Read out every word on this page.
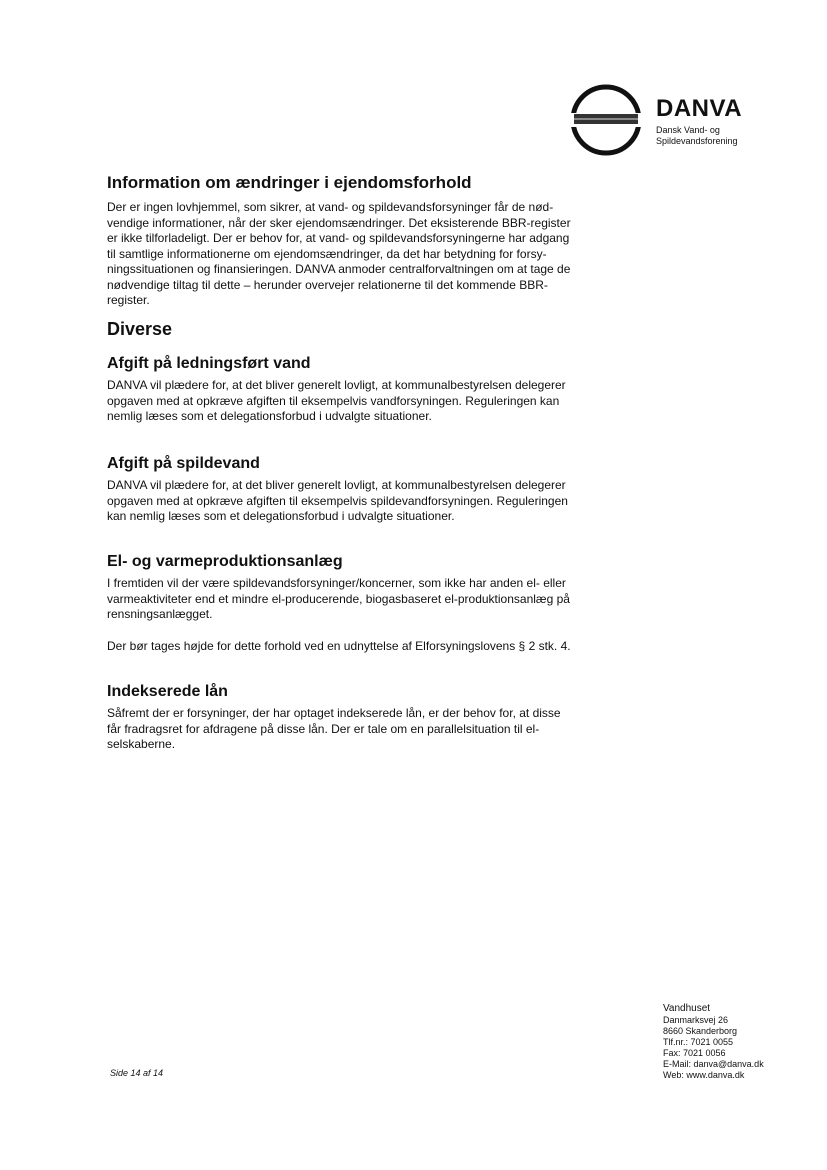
DANVA
Dansk Vand- og
Spildevandsforening
Information om ændringer i ejendomsforhold

Der er ingen lovhjemmel, som sikrer, at vand- og spildevandsforsyninger får de nød-

vendige informationer, når der sker ejendomsændringer. Det eksisterende BBR-register

er ikke tilforladeligt. Der er behov for, at vand- og spildevandsforsyningerne har adgang

til samtlige informationerne om ejendomsændringer, da det har betydning for forsy-

ningssituationen og finansieringen. DANVA anmoder centralforvaltningen om at tage de

nødvendige tiltag til dette – herunder overvejer relationerne til det kommende BBR-

register.

Diverse
Afgift på ledningsført vand

DANVA vil plædere for, at det bliver generelt lovligt, at kommunalbestyrelsen delegerer

opgaven med at opkræve afgiften til eksempelvis vandforsyningen. Reguleringen kan

nemlig læses som et delegationsforbud i udvalgte situationer.

Afgift på spildevand

DANVA vil plædere for, at det bliver generelt lovligt, at kommunalbestyrelsen delegerer

opgaven med at opkræve afgiften til eksempelvis spildevandforsyningen. Reguleringen

kan nemlig læses som et delegationsforbud i udvalgte situationer.

El- og varmeproduktionsanlæg

I fremtiden vil der være spildevandsforsyninger/koncerner, som ikke har anden el- eller

varmeaktiviteter end et mindre el-producerende, biogasbaseret el-produktionsanlæg på

rensningsanlægget.

Der bør tages højde for dette forhold ved en udnyttelse af Elforsyningslovens § 2 stk. 4.

Indekserede lån

Såfremt der er forsyninger, der har optaget indekserede lån, er der behov for, at disse

får fradragsret for afdragene på disse lån. Der er tale om en parallelsituation til el-

selskaberne.

Side 14 af 14
Vandhuset
Danmarksvej 26
8660 Skanderborg
Tlf.nr.: 7021 0055
Fax: 7021 0056
E-Mail: danva@danva.dk
Web: www.danva.dk
